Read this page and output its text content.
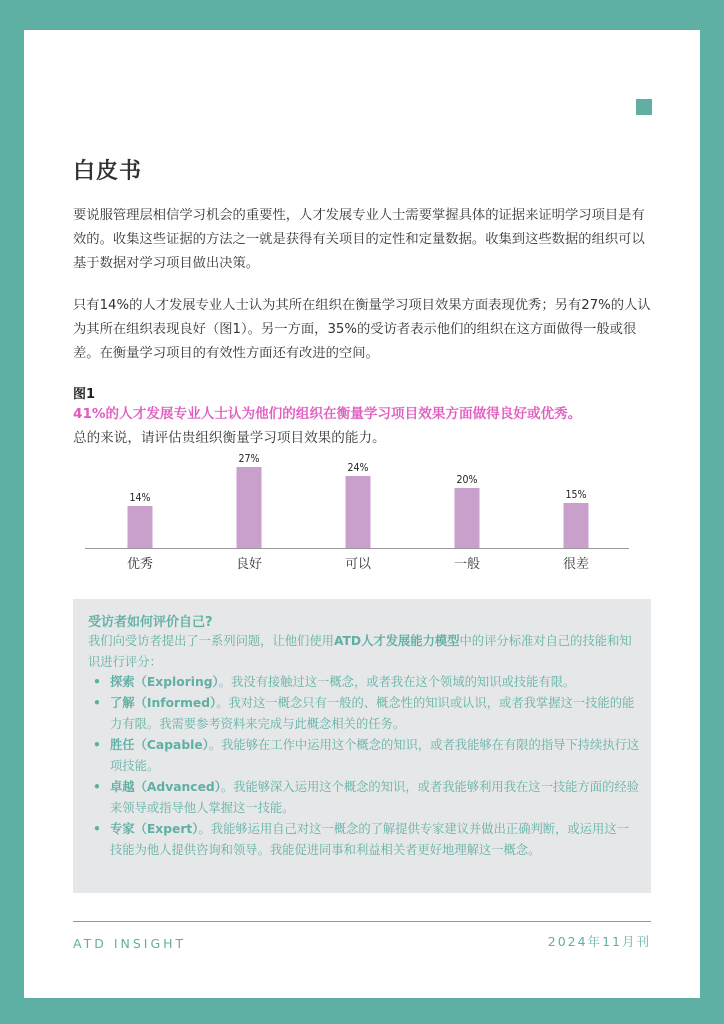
白皮书
要说服管理层相信学习机会的重要性，人才发展专业人士需要掌握具体的证据来证明学习项目是有效的。收集这些证据的方法之一就是获得有关项目的定性和定量数据。收集到这些数据的组织可以基于数据对学习项目做出决策。
只有14%的人才发展专业人士认为其所在组织在衡量学习项目效果方面表现优秀；另有27%的人认为其所在组织表现良好（图1）。另一方面，35%的受访者表示他们的组织在这方面做得一般或很差。在衡量学习项目的有效性方面还有改进的空间。
图1
41%的人才发展专业人士认为他们的组织在衡量学习项目效果方面做得良好或优秀。
总的来说，请评估贵组织衡量学习项目效果的能力。
14%
优秀
27%
良好
24%
可以
20%
一般
15%
很差
受访者如何评价自己?
我们向受访者提出了一系列问题，让他们使用ATD人才发展能力模型中的评分标准对自己的技能和知识进行评分：
• 探索（Exploring）。我没有接触过这一概念，或者我在这个领域的知识或技能有限。
• 了解（Informed）。我对这一概念只有一般的、概念性的知识或认识，或者我掌握这一技能的能力有限。我需要参考资料来完成与此概念相关的任务。
• 胜任（Capable）。我能够在工作中运用这个概念的知识，或者我能够在有限的指导下持续执行这项技能。
• 卓越（Advanced）。我能够深入运用这个概念的知识，或者我能够利用我在这一技能方面的经验来领导或指导他人掌握这一技能。
• 专家（Expert）。我能够运用自己对这一概念的了解提供专家建议并做出正确判断，或运用这一技能为他人提供咨询和领导。我能促进同事和利益相关者更好地理解这一概念。
ATD INSIGHT	2024年11月刊
